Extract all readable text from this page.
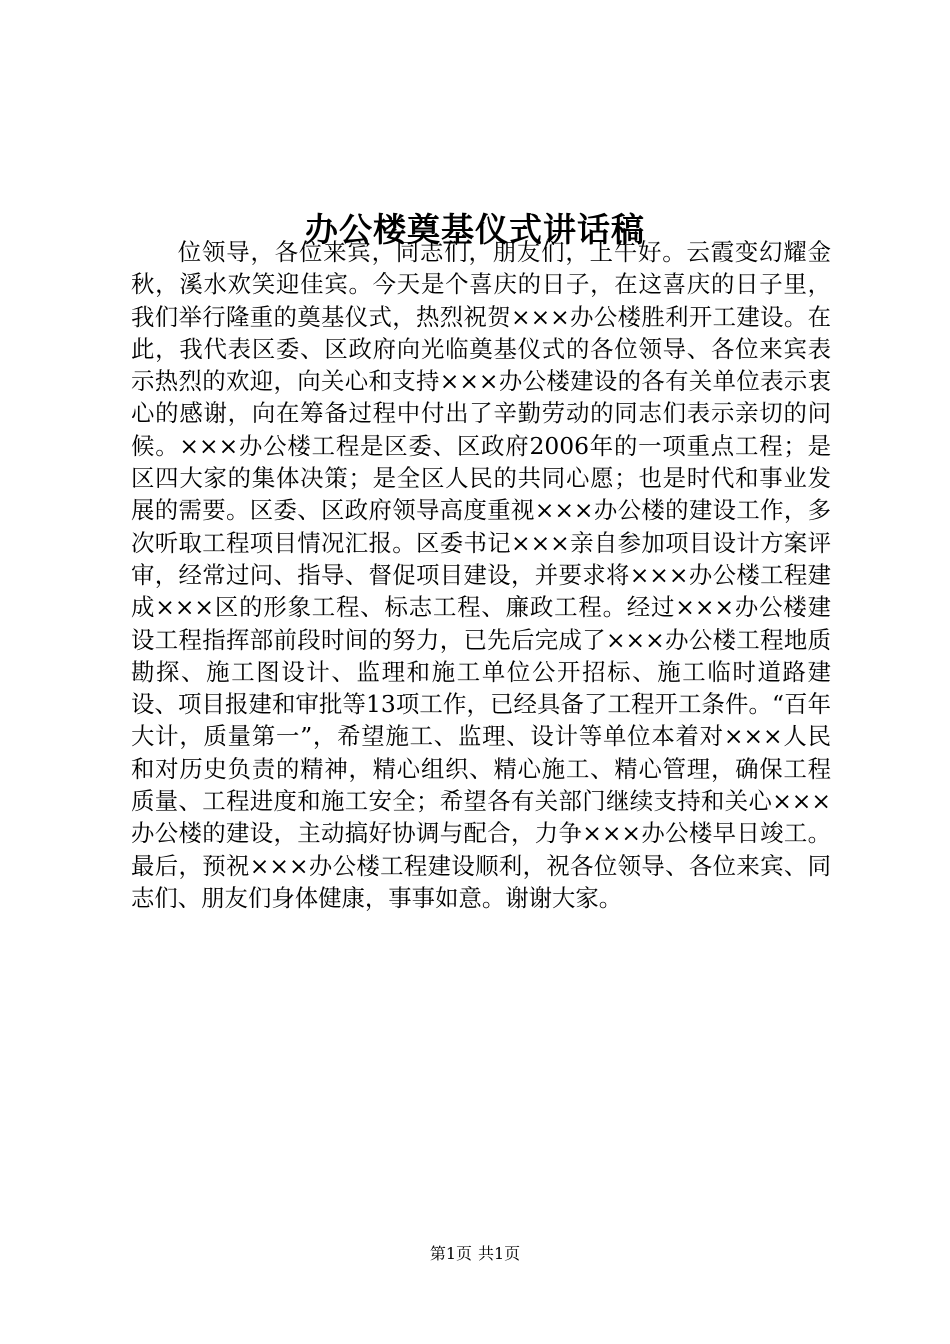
办公楼奠基仪式讲话稿

位领导，各位来宾，同志们，朋友们，上午好。云霞变幻耀金秋，溪水欢笑迎佳宾。今天是个喜庆的日子，在这喜庆的日子里，我们举行隆重的奠基仪式，热烈祝贺×××办公楼胜利开工建设。在此，我代表区委、区政府向光临奠基仪式的各位领导、各位来宾表示热烈的欢迎，向关心和支持×××办公楼建设的各有关单位表示衷心的感谢，向在筹备过程中付出了辛勤劳动的同志们表示亲切的问候。×××办公楼工程是区委、区政府2006年的一项重点工程；是区四大家的集体决策；是全区人民的共同心愿；也是时代和事业发展的需要。区委、区政府领导高度重视×××办公楼的建设工作，多次听取工程项目情况汇报。区委书记×××亲自参加项目设计方案评审，经常过问、指导、督促项目建设，并要求将×××办公楼工程建成×××区的形象工程、标志工程、廉政工程。经过×××办公楼建设工程指挥部前段时间的努力，已先后完成了×××办公楼工程地质勘探、施工图设计、监理和施工单位公开招标、施工临时道路建设、项目报建和审批等13项工作，已经具备了工程开工条件。“百年大计，质量第一”，希望施工、监理、设计等单位本着对×××人民和对历史负责的精神，精心组织、精心施工、精心管理，确保工程质量、工程进度和施工安全；希望各有关部门继续支持和关心×××办公楼的建设，主动搞好协调与配合，力争×××办公楼早日竣工。最后，预祝×××办公楼工程建设顺利，祝各位领导、各位来宾、同志们、朋友们身体健康，事事如意。谢谢大家。

第1页 共1页
